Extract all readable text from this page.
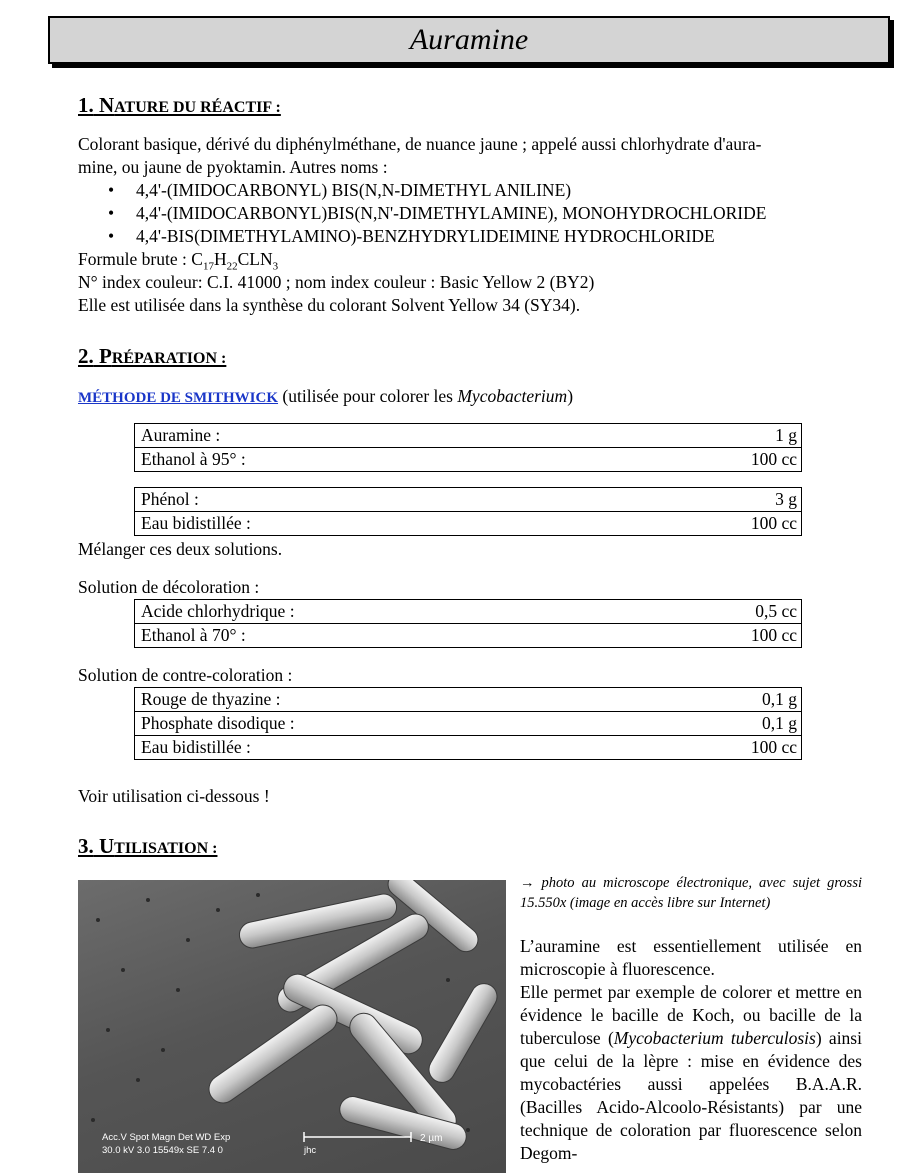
Auramine
1. NATURE DU RÉACTIF :
Colorant basique, dérivé du diphénylméthane, de nuance jaune ; appelé aussi chlorhydrate d'aura-
mine, ou jaune de pyoktamin. Autres noms :
• 4,4'-(IMIDOCARBONYL) BIS(N,N-DIMETHYL ANILINE)
• 4,4'-(IMIDOCARBONYL)BIS(N,N'-DIMETHYLAMINE), MONOHYDROCHLORIDE
• 4,4'-BIS(DIMETHYLAMINO)-BENZHYDRYLIDEIMINE HYDROCHLORIDE
Formule brute : $C_{17}H_{22}CLN_3$
N° index couleur: C.I. 41000 ; nom index couleur : Basic Yellow 2 (BY2)
Elle est utilisée dans la synthèse du colorant Solvent Yellow 34 (SY34).
2. PRÉPARATION :
MÉTHODE DE SMITHWICK (utilisée pour colorer les Mycobacterium)
Auramine :	1 g
Ethanol à 95° :	100 cc
Phénol :	3 g
Eau bidistillée :	100 cc
Mélanger ces deux solutions.
Solution de décoloration :
Acide chlorhydrique :	0,5 cc
Ethanol à 70° :	100 cc
Solution de contre-coloration :
Rouge de thyazine :	0,1 g
Phosphate disodique :	0,1 g
Eau bidistillée :	100 cc
Voir utilisation ci-dessous !
3. UTILISATION :
Acc.V Spot Magn Det WD Exp
30.0 kV 3.0 15549x SE 7.4 0	jhc
2 µm
→ photo au microscope électronique, avec sujet grossi 15.550x (image en accès libre sur Internet)

L’auramine est essentiellement utilisée en microscopie à fluorescence.

Elle permet par exemple de colorer et mettre en évidence le bacille de Koch, ou bacille de la tuberculose (Mycobacterium tuberculosis) ainsi que celui de la lèpre : mise en évidence des mycobactéries aussi appelées B.A.A.R. (Bacilles Acido-Alcoolo-Résistants) par une technique de coloration par fluorescence selon Degom-
